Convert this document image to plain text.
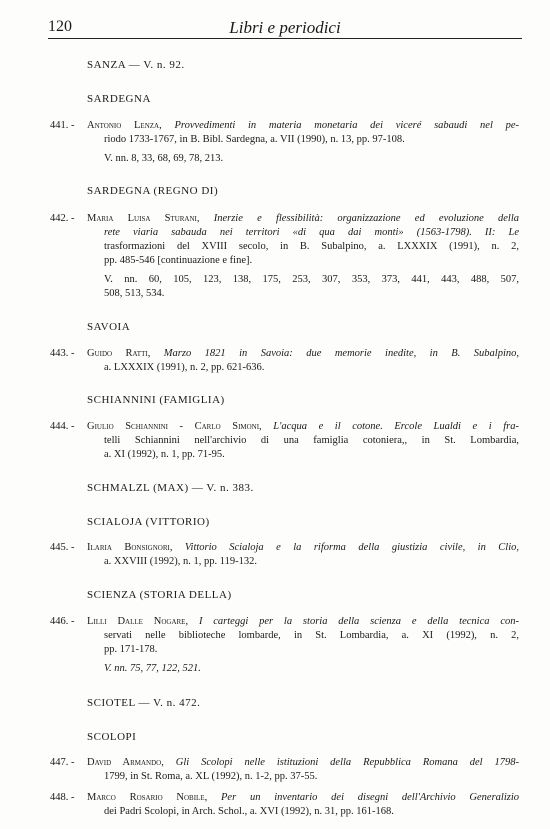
120	Libri e periodici
SANZA — V. n. 92.
SARDEGNA
441. - Antonio Lenza, Provvedimenti in materia monetaria dei viceré sabaudi nel pe-
riodo 1733-1767, in B. Bibl. Sardegna, a. VII (1990), n. 13, pp. 97-108.
V. nn. 8, 33, 68, 69, 78, 213.
SARDEGNA (REGNO DI)
442. - Maria Luisa Sturani, Inerzie e flessibilità: organizzazione ed evoluzione della
rete viaria sabauda nei territori «di qua dai monti» (1563-1798). II: Le
trasformazioni del XVIII secolo, in B. Subalpino, a. LXXXIX (1991), n. 2,
pp. 485-546 [continuazione e fine].
V. nn. 60, 105, 123, 138, 175, 253, 307, 353, 373, 441, 443, 488, 507,
508, 513, 534.
SAVOIA
443. - Guido Ratti, Marzo 1821 in Savoia: due memorie inedite, in B. Subalpino,
a. LXXXIX (1991), n. 2, pp. 621-636.
SCHIANNINI (FAMIGLIA)
444. - Giulio Schiannini - Carlo Simoni, L'acqua e il cotone. Ercole Lualdi e i fra-
telli Schiannini nell'archivio di una famiglia cotoniera,, in St. Lombardia,
a. XI (1992), n. 1, pp. 71-95.
SCHMALZL (MAX) — V. n. 383.
SCIALOJA (VITTORIO)
445. - Ilaria Bonsignori, Vittorio Scialoja e la riforma della giustizia civile, in Clio,
a. XXVIII (1992), n. 1, pp. 119-132.
SCIENZA (STORIA DELLA)
446. - Lilli Dalle Nogare, I carteggi per la storia della scienza e della tecnica con-
servati nelle biblioteche lombarde, in St. Lombardia, a. XI (1992), n. 2,
pp. 171-178.
V. nn. 75, 77, 122, 521.
SCIOTEL — V. n. 472.
SCOLOPI
447. - David Armando, Gli Scolopi nelle istituzioni della Repubblica Romana del 1798-
1799, in St. Roma, a. XL (1992), n. 1-2, pp. 37-55.
448. - Marco Rosario Nobile, Per un inventario dei disegni dell'Archivio Generalizio
dei Padri Scolopi, in Arch. Schol., a. XVI (1992), n. 31, pp. 161-168.
